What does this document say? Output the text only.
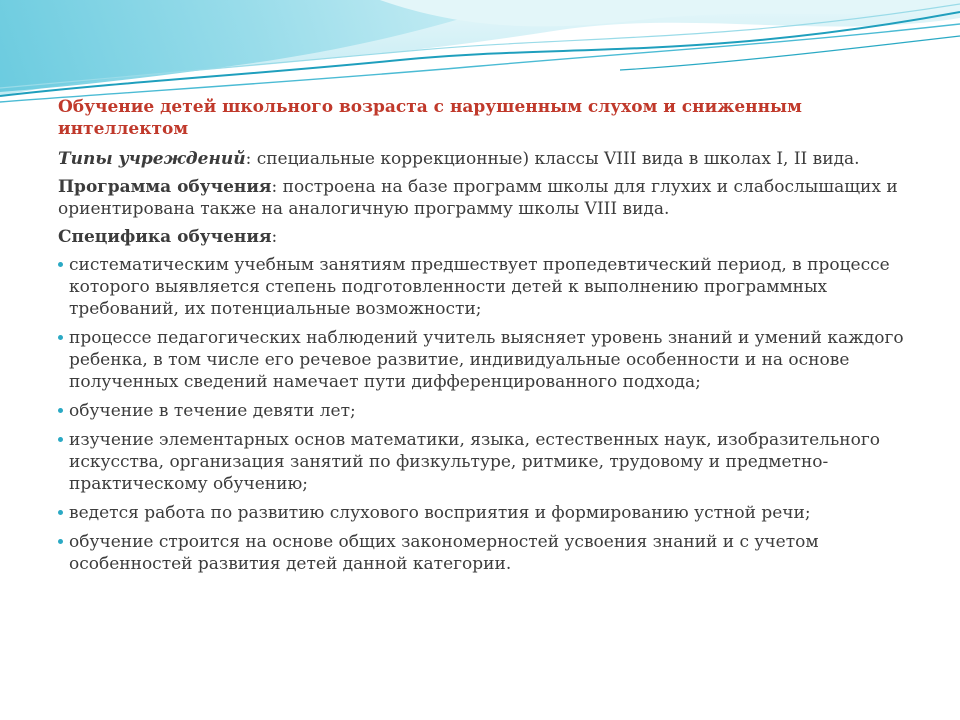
Обучение детей школьного возраста с нарушенным слухом и сниженным интеллектом

Типы учреждений: специальные коррекционные) классы VIII вида в школах I, II вида.

Программа обучения: построена на базе программ школы для глухих и слабослышащих и ориентирована также на аналогичную программу школы VIII вида.

Специфика обучения:

систематическим учебным занятиям предшествует пропедевтический период, в процессе которого выявляется степень подготовленности детей к выполнению программных требований, их потенциальные возможности;
процессе педагогических наблюдений учитель выясняет уровень знаний и умений каждого ребенка, в том числе его речевое развитие, индивидуальные особенности и на основе полученных сведений намечает пути дифференцированного подхода;
обучение в течение девяти лет;
изучение элементарных основ математики, языка, естественных наук, изобразительного искусства, организация занятий по физкультуре, ритмике, трудовому и предметно-практическому обучению;
ведется работа по развитию слухового восприятия и формированию устной речи;
обучение строится на основе общих закономерностей усвоения знаний и с учетом особенностей развития детей данной категории.
